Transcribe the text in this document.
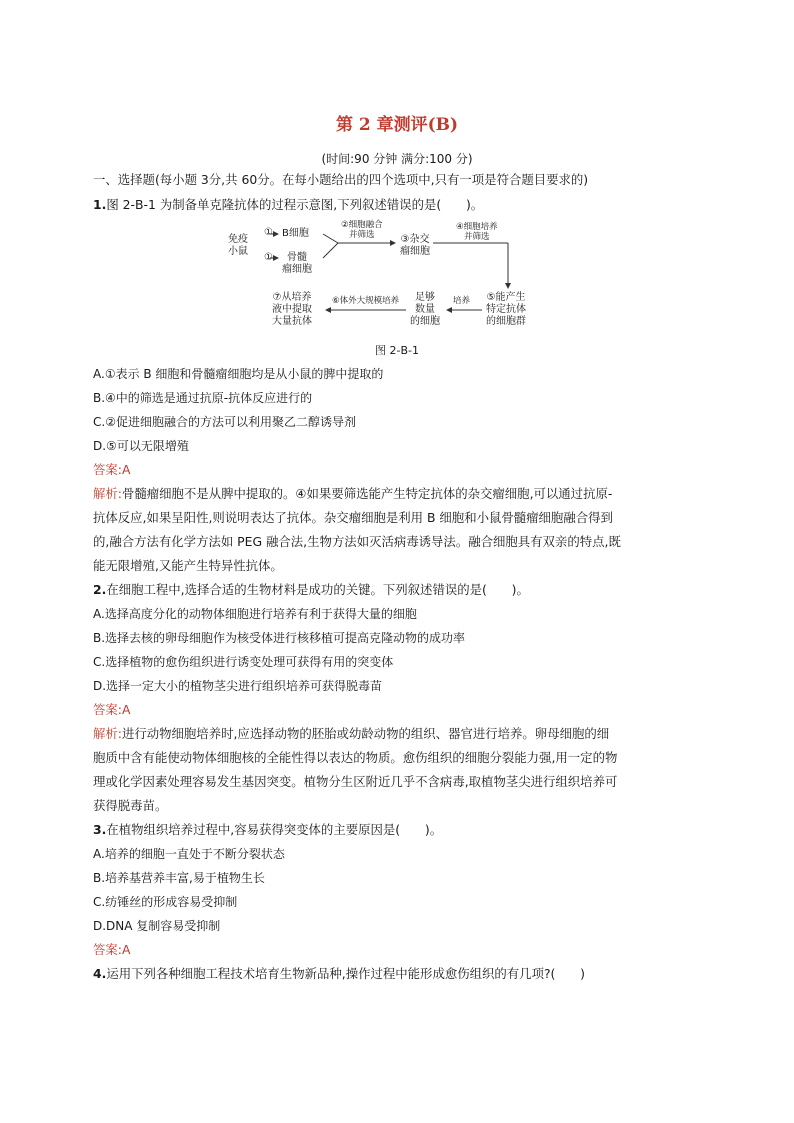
第 2 章测评(B)
(时间:90 分钟 满分:100 分)
一、选择题(每小题 3分,共 60分。在每小题给出的四个选项中,只有一项是符合题目要求的)
1.图 2-B-1 为制备单克隆抗体的过程示意图,下列叙述错误的是(　　)。
免疫
小鼠
①
①
B细胞
骨髓
瘤细胞
②细胞融合
并筛选	③杂交
瘤细胞
④细胞培养
并筛选
⑤能产生
特定抗体
的细胞群
培养
足够
数量
的细胞
⑥体外大规模培养
⑦从培养
液中提取
大量抗体
图 2-B-1
A.①表示 B 细胞和骨髓瘤细胞均是从小鼠的脾中提取的
B.④中的筛选是通过抗原-抗体反应进行的
C.②促进细胞融合的方法可以利用聚乙二醇诱导剂
D.⑤可以无限增殖
答案:A
解析:骨髓瘤细胞不是从脾中提取的。④如果要筛选能产生特定抗体的杂交瘤细胞,可以通过抗原-
抗体反应,如果呈阳性,则说明表达了抗体。杂交瘤细胞是利用 B 细胞和小鼠骨髓瘤细胞融合得到
的,融合方法有化学方法如 PEG 融合法,生物方法如灭活病毒诱导法。融合细胞具有双亲的特点,既
能无限增殖,又能产生特异性抗体。
2.在细胞工程中,选择合适的生物材料是成功的关键。下列叙述错误的是(　　)。
A.选择高度分化的动物体细胞进行培养有利于获得大量的细胞
B.选择去核的卵母细胞作为核受体进行核移植可提高克隆动物的成功率
C.选择植物的愈伤组织进行诱变处理可获得有用的突变体
D.选择一定大小的植物茎尖进行组织培养可获得脱毒苗
答案:A
解析:进行动物细胞培养时,应选择动物的胚胎或幼龄动物的组织、器官进行培养。卵母细胞的细
胞质中含有能使动物体细胞核的全能性得以表达的物质。愈伤组织的细胞分裂能力强,用一定的物
理或化学因素处理容易发生基因突变。植物分生区附近几乎不含病毒,取植物茎尖进行组织培养可
获得脱毒苗。
3.在植物组织培养过程中,容易获得突变体的主要原因是(　　)。
A.培养的细胞一直处于不断分裂状态
B.培养基营养丰富,易于植物生长
C.纺锤丝的形成容易受抑制
D.DNA 复制容易受抑制
答案:A
4.运用下列各种细胞工程技术培育生物新品种,操作过程中能形成愈伤组织的有几项?(　　)
